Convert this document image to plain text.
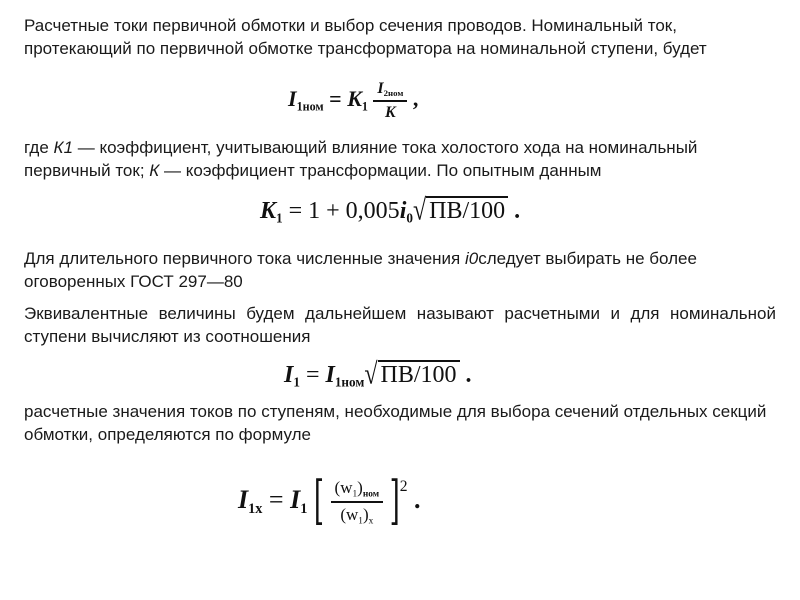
Расчетные токи первичной обмотки и выбор сечения проводов. Номинальный ток, протекающий по первичной обмотке трансформатора на номинальной ступени, будет

$I_{1ном} = K_1 \frac{I_{2ном}}{K}$ ,

где К1 — коэффициент, учитывающий влияние тока холостого хода на номинальный первичный ток; К — коэффициент трансформации. По опытным данным

$K_1 = 1 + 0,005i_0√$ ПВ/100 .

Для длительного первичного тока численные значения i0следует выбирать не более оговоренных ГОСТ 297—80

Эквивалентные величины будем дальнейшем называют расчетными и для номинальной ступени вычисляют из соотношения

$I_1 = I_{1ном}√$ ПВ/100 .

расчетные значения токов по ступеням, необходимые для выбора сечений отдельных секций обмотки, определяются по формуле

$I_{1x} = I_1$ [ $\frac{(w_1)_{ном}}{(w_1)_x} ]^2$ .
